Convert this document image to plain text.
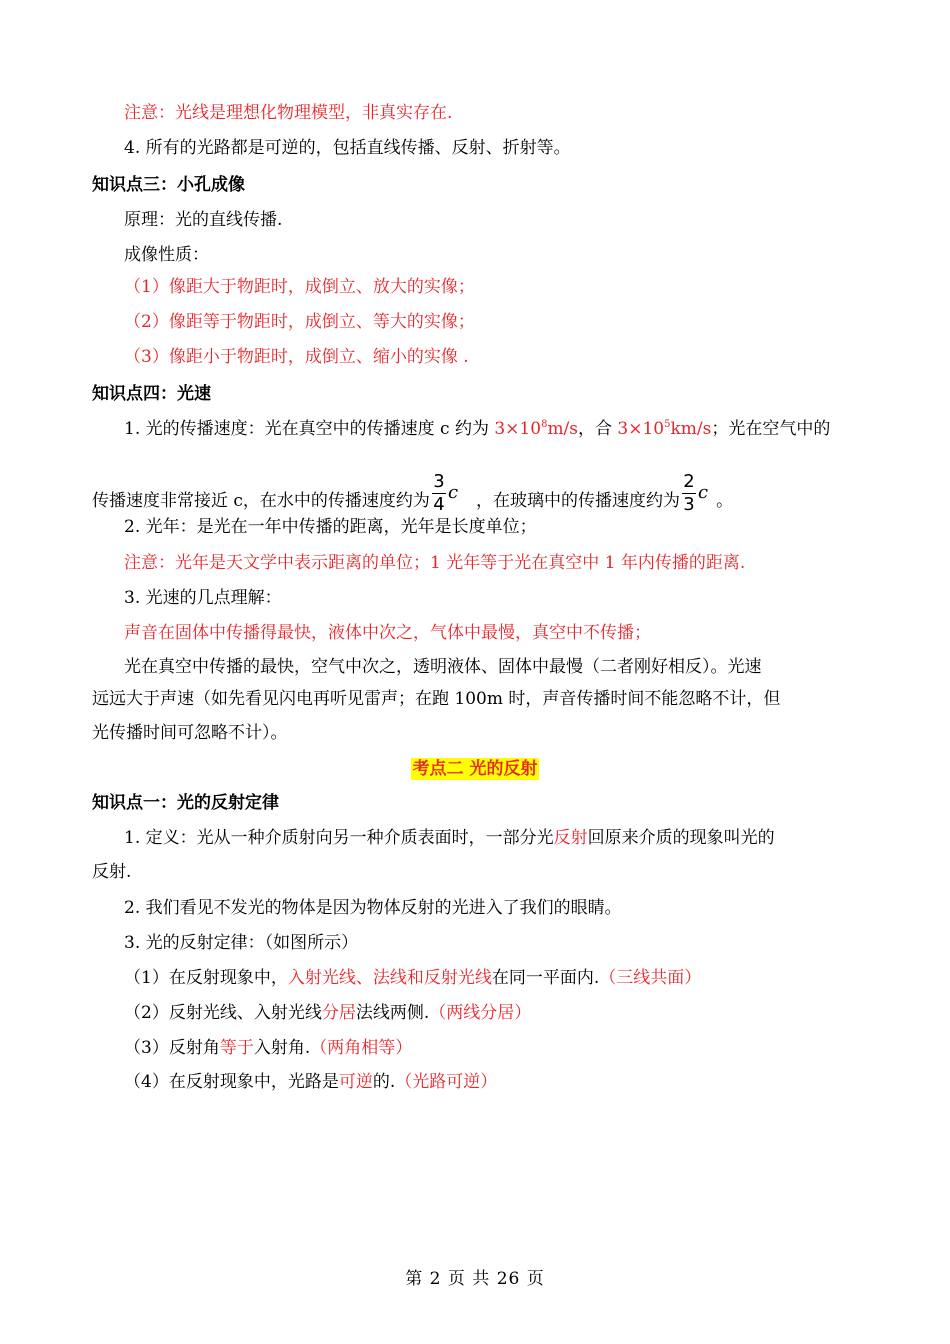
注意：光线是理想化物理模型，非真实存在.
4. 所有的光路都是可逆的，包括直线传播、反射、折射等。
知识点三：小孔成像
原理：光的直线传播.
成像性质：
（1）像距大于物距时，成倒立、放大的实像；
（2）像距等于物距时，成倒立、等大的实像；
（3）像距小于物距时，成倒立、缩小的实像 .
知识点四：光速
1. 光的传播速度：光在真空中的传播速度 c 约为 $3\times 10^8m/s$，合 $3\times 10^5km/s$；光在空气中的
传播速度非常接近 c，在水中的传播速度约为 $\frac{3}{4}$ c ，在玻璃中的传播速度约为 $\frac{2}{3}$ c 。
2. 光年：是光在一年中传播的距离，光年是长度单位；
注意：光年是天文学中表示距离的单位；1 光年等于光在真空中 1 年内传播的距离.
3. 光速的几点理解：
声音在固体中传播得最快，液体中次之，气体中最慢，真空中不传播；
光在真空中传播的最快，空气中次之，透明液体、固体中最慢（二者刚好相反）。光速
远远大于声速（如先看见闪电再听见雷声；在跑 100m 时，声音传播时间不能忽略不计，但
光传播时间可忽略不计）。
考点二 光的反射
知识点一：光的反射定律
1. 定义：光从一种介质射向另一种介质表面时，一部分光反射回原来介质的现象叫光的
反射.
2. 我们看见不发光的物体是因为物体反射的光进入了我们的眼睛。
3. 光的反射定律：（如图所示）
（1）在反射现象中，入射光线、法线和反射光线在同一平面内.（三线共面）
（2）反射光线、入射光线分居法线两侧.（两线分居）
（3）反射角等于入射角.（两角相等）
（4）在反射现象中，光路是可逆的.（光路可逆）
第 2 页 共 26 页
